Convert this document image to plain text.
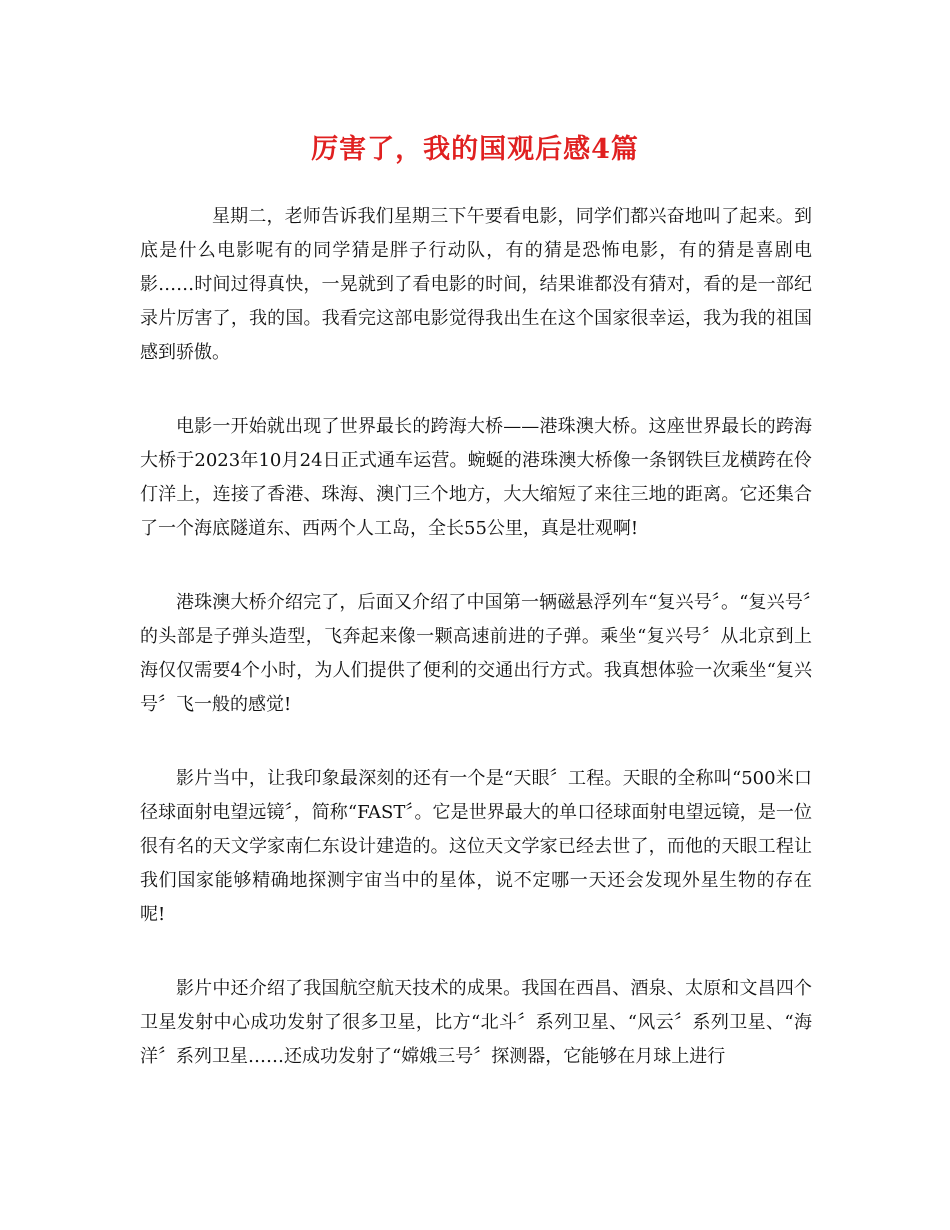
厉害了，我的国观后感4篇

星期二，老师告诉我们星期三下午要看电影，同学们都兴奋地叫了起来。到底是什么电影呢有的同学猜是胖子行动队，有的猜是恐怖电影，有的猜是喜剧电影……时间过得真快，一晃就到了看电影的时间，结果谁都没有猜对，看的是一部纪录片厉害了，我的国。我看完这部电影觉得我出生在这个国家很幸运，我为我的祖国感到骄傲。

电影一开始就出现了世界最长的跨海大桥——港珠澳大桥。这座世界最长的跨海大桥于2023年10月24日正式通车运营。蜿蜒的港珠澳大桥像一条钢铁巨龙横跨在伶仃洋上，连接了香港、珠海、澳门三个地方，大大缩短了来往三地的距离。它还集合了一个海底隧道东、西两个人工岛，全长55公里，真是壮观啊!

港珠澳大桥介绍完了，后面又介绍了中国第一辆磁悬浮列车“复兴号〞。“复兴号〞的头部是子弹头造型，飞奔起来像一颗高速前进的子弹。乘坐“复兴号〞从北京到上海仅仅需要4个小时，为人们提供了便利的交通出行方式。我真想体验一次乘坐“复兴号〞飞一般的感觉!

影片当中，让我印象最深刻的还有一个是“天眼〞工程。天眼的全称叫“500米口径球面射电望远镜〞，简称“FAST〞。它是世界最大的单口径球面射电望远镜，是一位很有名的天文学家南仁东设计建造的。这位天文学家已经去世了，而他的天眼工程让我们国家能够精确地探测宇宙当中的星体，说不定哪一天还会发现外星生物的存在呢!

影片中还介绍了我国航空航天技术的成果。我国在西昌、酒泉、太原和文昌四个卫星发射中心成功发射了很多卫星，比方“北斗〞系列卫星、“风云〞系列卫星、“海洋〞系列卫星……还成功发射了“嫦娥三号〞探测器，它能够在月球上进行
